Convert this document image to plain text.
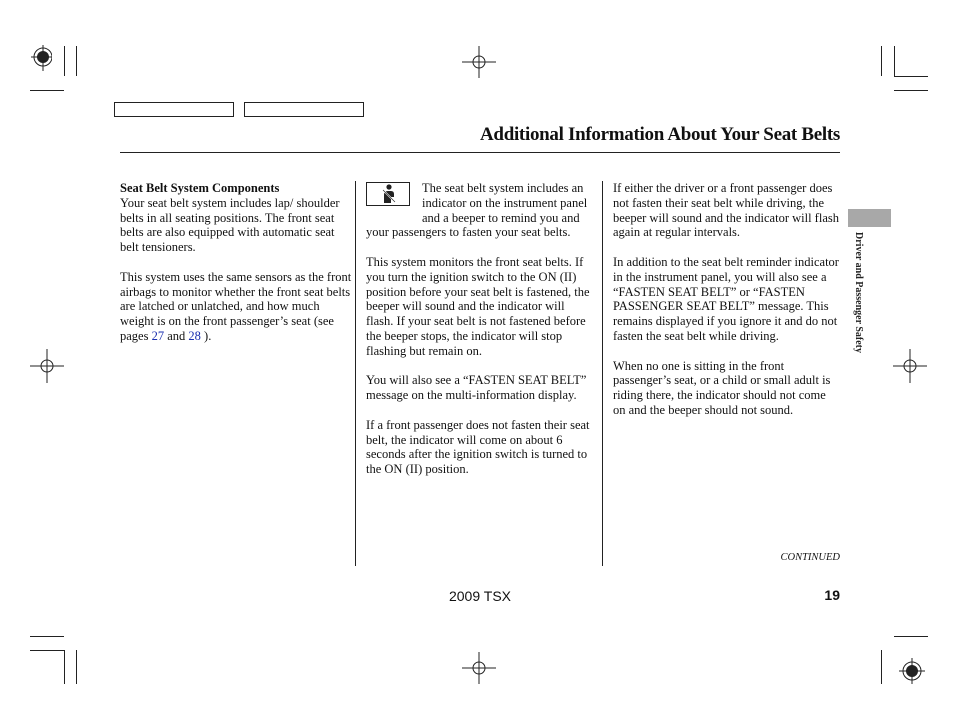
Additional Information About Your Seat Belts

Seat Belt System Components
Your seat belt system includes lap/ shoulder belts in all seating positions. The front seat belts are also equipped with automatic seat belt tensioners.

This system uses the same sensors as the front airbags to monitor whether the front seat belts are latched or unlatched, and how much weight is on the front passenger’s seat (see pages 27 and 28 ).

The seat belt system includes an indicator on the instrument panel and a beeper to remind you and your passengers to fasten your seat belts.

This system monitors the front seat belts. If you turn the ignition switch to the ON (II) position before your seat belt is fastened, the beeper will sound and the indicator will flash. If your seat belt is not fastened before the beeper stops, the indicator will stop flashing but remain on.

You will also see a “FASTEN SEAT BELT” message on the multi-information display.

If a front passenger does not fasten their seat belt, the indicator will come on about 6 seconds after the ignition switch is turned to the ON (II) position.

If either the driver or a front passenger does not fasten their seat belt while driving, the beeper will sound and the indicator will flash again at regular intervals.

In addition to the seat belt reminder indicator in the instrument panel, you will also see a “FASTEN SEAT BELT” or “FASTEN PASSENGER SEAT BELT” message. This remains displayed if you ignore it and do not fasten the seat belt while driving.

When no one is sitting in the front passenger’s seat, or a child or small adult is riding there, the indicator should not come on and the beeper should not sound.

Driver and Passenger Safety
CONTINUED
2009 TSX	19
